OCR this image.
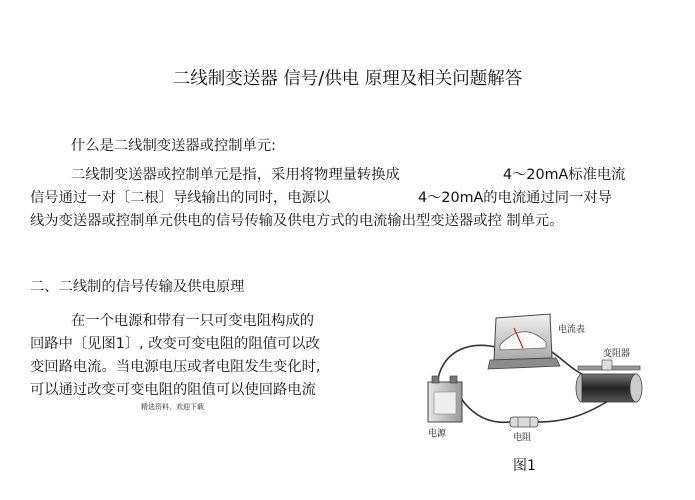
二线制变送器 信号/供电 原理及相关问题解答
什么是二线制变送器或控制单元:
二线制变送器或控制单元是指，采用将物理量转换成	4～20mA标准电流
信号通过一对〔二根〕导线输出的同时，电源以	4～20mA的电流通过同一对导
线为变送器或控制单元供电的信号传输及供电方式的电流输出型变送器或控 制单元。
二、二线制的信号传输及供电原理
在一个电源和带有一只可变电阻构成的
回路中〔见图1〕, 改变可变电阻的阻值可以改
变回路电流。当电源电压或者电阻发生变化时,
可以通过改变可变电阻的阻值可以使回路电流
精选资料，欢迎下载
电流表
变阻器
电源	电阻
图1
